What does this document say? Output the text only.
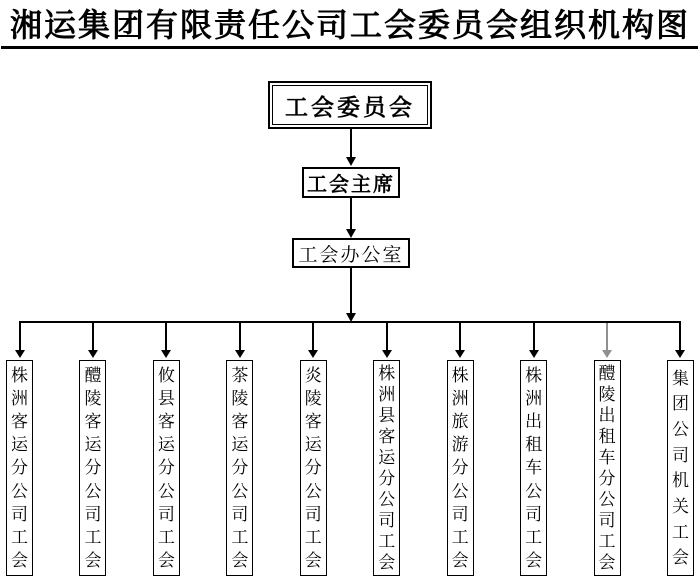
湘运集团有限责任公司工会委员会组织机构图
工会委员会
工会主席
工会办公室
株
洲
客
运
分
公
司
工
会
醴
陵
客
运
分
公
司
工
会
攸
县
客
运
分
公
司
工
会
茶
陵
客
运
分
公
司
工
会
炎
陵
客
运
分
公
司
工
会
株
洲
县
客
运
分
公
司
工
会
株
洲
旅
游
分
公
司
工
会
株
洲
出
租
车
公
司
工
会
醴
陵
出
租
车
分
公
司
工
会
集
团
公
司
机
关
工
会
